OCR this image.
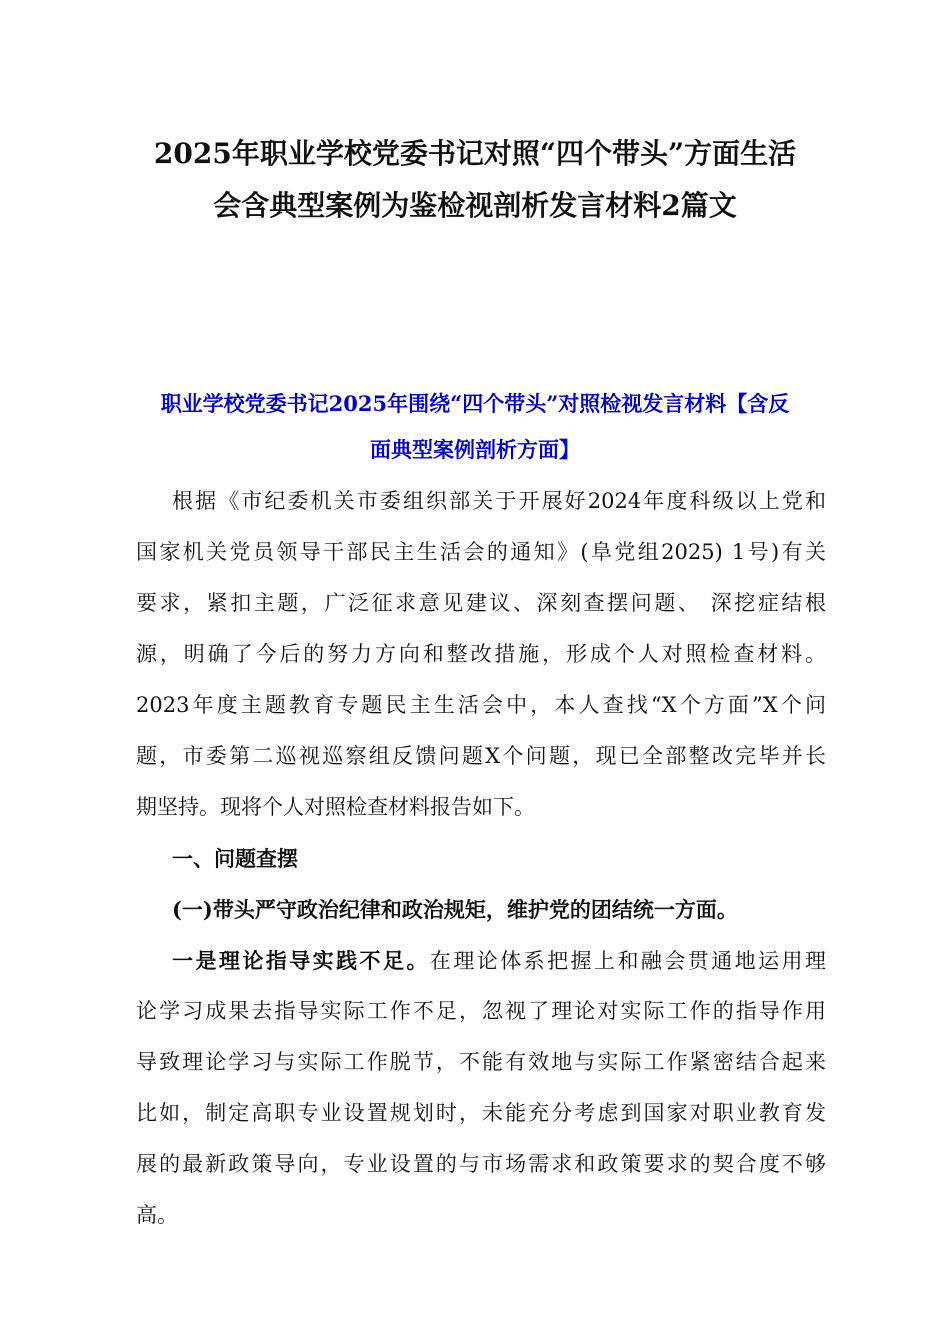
2025年职业学校党委书记对照“四个带头”方面生活
会含典型案例为鉴检视剖析发言材料2篇文
职业学校党委书记2025年围绕“四个带头”对照检视发言材料【含反
面典型案例剖析方面】
根据《市纪委机关市委组织部关于开展好2024年度科级以上党和
国家机关党员领导干部民主生活会的通知》(阜党组2025) 1号)有关
要求，紧扣主题，广泛征求意见建议、深刻查摆问题、 深挖症结根
源，明确了今后的努力方向和整改措施，形成个人对照检查材料。
2023年度主题教育专题民主生活会中，本人查找“X个方面”X个问
题，市委第二巡视巡察组反馈问题X个问题，现已全部整改完毕并长
期坚持。现将个人对照检查材料报告如下。
一、问题查摆
(一)带头严守政治纪律和政治规矩，维护党的团结统一方面。
一是理论指导实践不足。在理论体系把握上和融会贯通地运用理
论学习成果去指导实际工作不足，忽视了理论对实际工作的指导作用
导致理论学习与实际工作脱节，不能有效地与实际工作紧密结合起来
比如，制定高职专业设置规划时，未能充分考虑到国家对职业教育发
展的最新政策导向，专业设置的与市场需求和政策要求的契合度不够
高。
